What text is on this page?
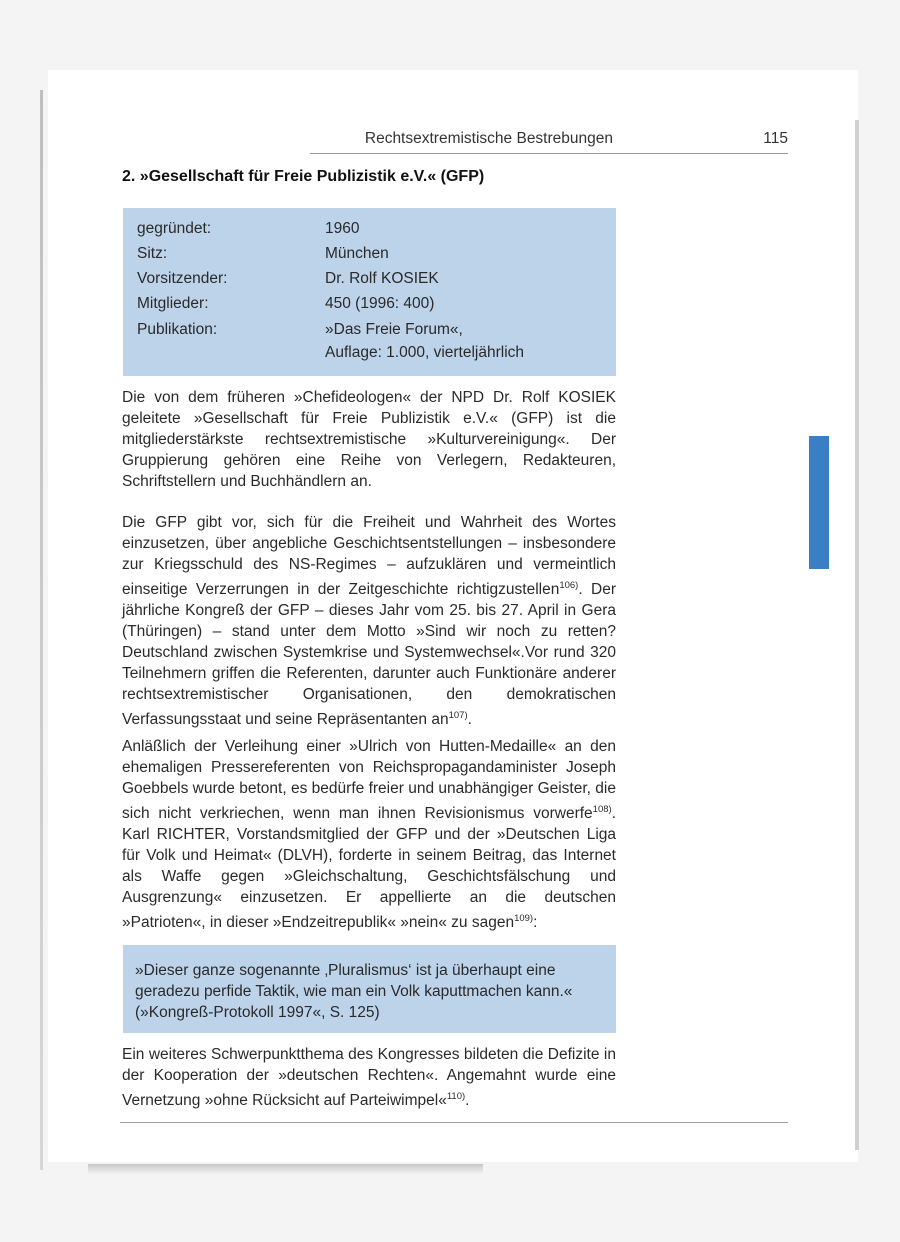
Rechtsextremistische Bestrebungen	115
2. »Gesellschaft für Freie Publizistik e.V.« (GFP)
gegründet:	1960
Sitz:	München
Vorsitzender:	Dr. Rolf KOSIEK
Mitglieder:	450 (1996: 400)
Publikation:	»Das Freie Forum«,
Auflage: 1.000, vierteljährlich

Die von dem früheren »Chefideologen« der NPD Dr. Rolf KOSIEK geleitete »Gesellschaft für Freie Publizistik e.V.« (GFP) ist die mitgliederstärkste rechtsextremistische »Kulturvereinigung«. Der Gruppierung gehören eine Reihe von Verlegern, Redakteuren, Schriftstellern und Buchhändlern an.

Die GFP gibt vor, sich für die Freiheit und Wahrheit des Wortes einzusetzen, über angebliche Geschichtsentstellungen – insbesondere zur Kriegsschuld des NS-Regimes – aufzuklären und vermeintlich einseitige Verzerrungen in der Zeitgeschichte richtigzustellen$^{106)}$. Der jährliche Kongreß der GFP – dieses Jahr vom 25. bis 27. April in Gera (Thüringen) – stand unter dem Motto »Sind wir noch zu retten? Deutschland zwischen Systemkrise und Systemwechsel«.Vor rund 320 Teilnehmern griffen die Referenten, darunter auch Funktionäre anderer rechtsextremistischer Organisationen, den demokratischen Verfassungsstaat und seine Repräsentanten $an^{107)}$.

Anläßlich der Verleihung einer »Ulrich von Hutten-Medaille« an den ehemaligen Pressereferenten von Reichspropagandaminister Joseph Goebbels wurde betont, es bedürfe freier und unabhängiger Geister, die sich nicht verkriechen, wenn man ihnen Revisionismus vorwerfe$^{108)}$. Karl RICHTER, Vorstandsmitglied der GFP und der »Deutschen Liga für Volk und Heimat« (DLVH), forderte in seinem Beitrag, das Internet als Waffe gegen »Gleichschaltung, Geschichtsfälschung und Ausgrenzung« einzusetzen. Er appellierte an die deutschen »Patrioten«, in dieser »Endzeitrepublik« »nein« zu sagen$^{109)}$:

»Dieser ganze sogenannte ‚Pluralismus‘ ist ja überhaupt eine geradezu perfide Taktik, wie man ein Volk kaputtmachen kann.« (»Kongreß-Protokoll 1997«, S. 125)

Ein weiteres Schwerpunktthema des Kongresses bildeten die Defizite in der Kooperation der »deutschen Rechten«. Angemahnt wurde eine Vernetzung »ohne Rücksicht auf Parteiwimpel«$^{110)}$.
